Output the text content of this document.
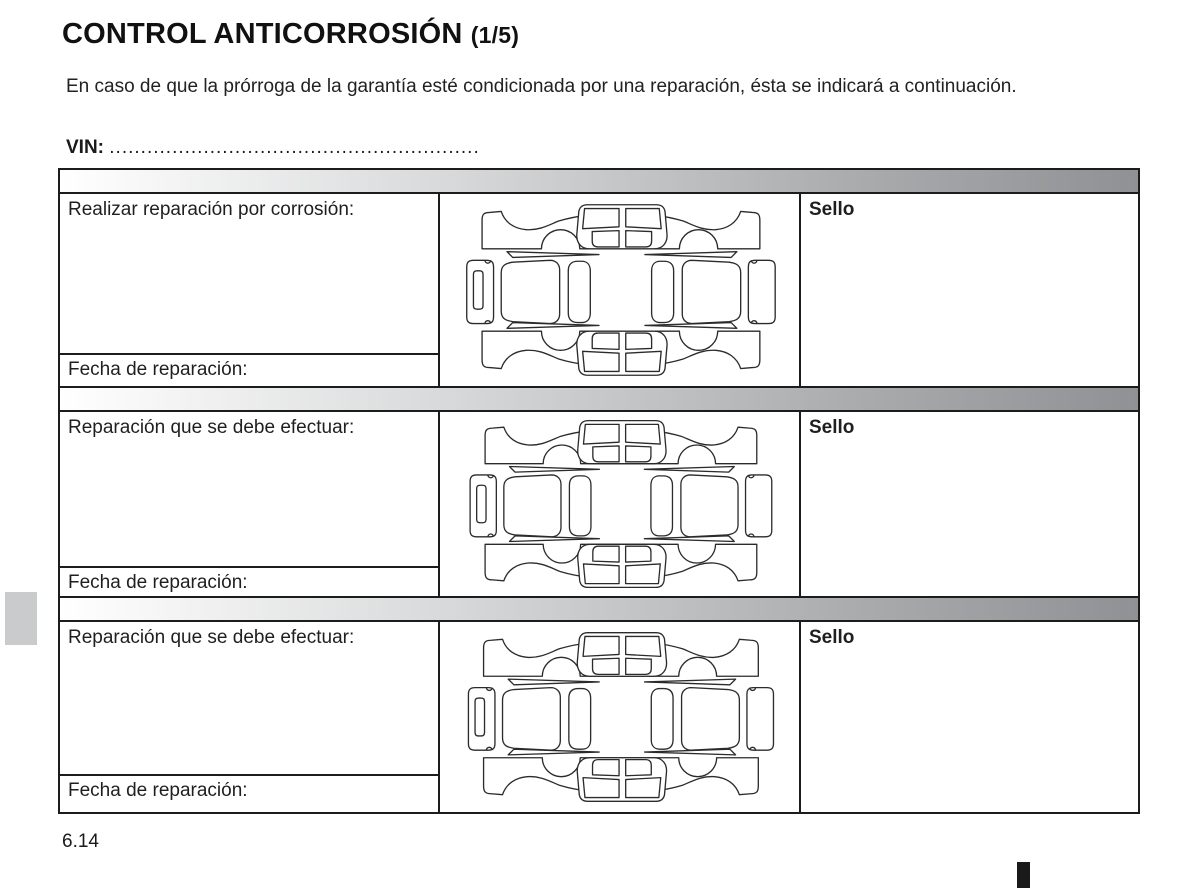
CONTROL ANTICORROSIÓN (1/5)
En caso de que la prórroga de la garantía esté condicionada por una reparación, ésta se indicará a continuación.
VIN: ...........................................................
Realizar reparación por corrosión:
Fecha de reparación:
Sello
Reparación que se debe efectuar:
Fecha de reparación:
Sello
Reparación que se debe efectuar:
Fecha de reparación:
Sello
6.14
